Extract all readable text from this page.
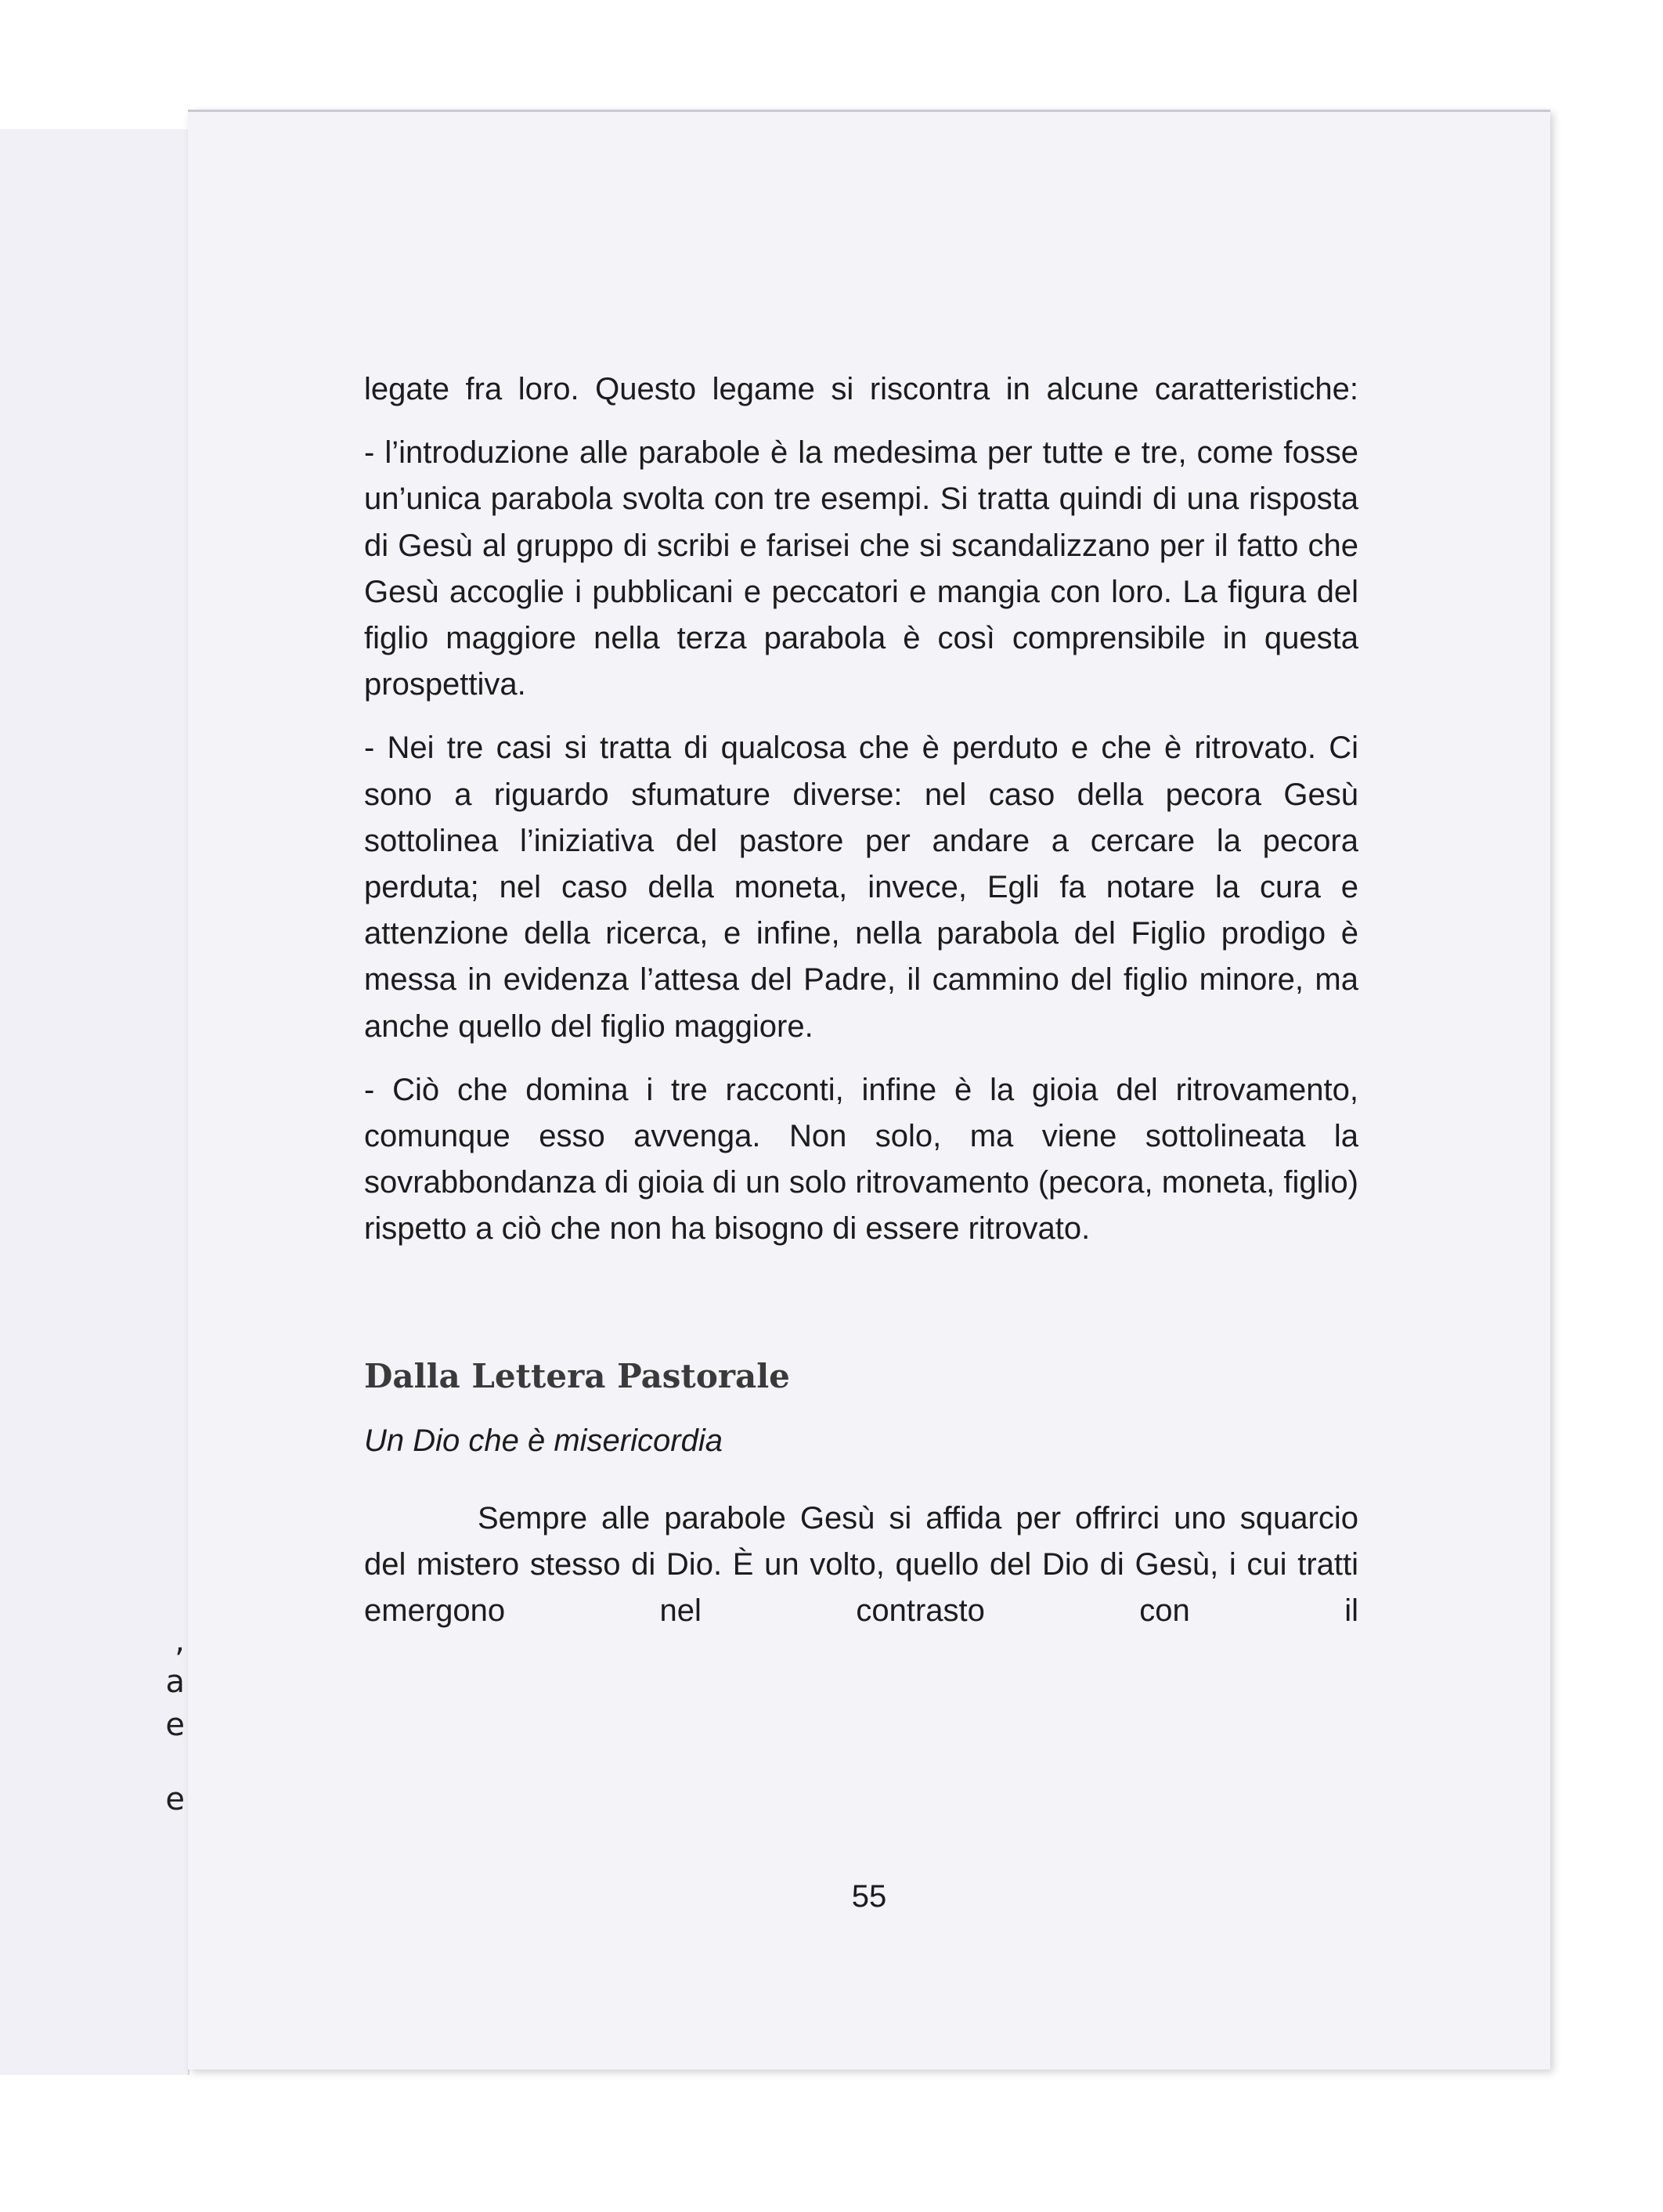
,
a
e
e

legate fra loro. Questo legame si riscontra in alcune caratteristiche:

- l’introduzione alle parabole è la medesima per tutte e tre, come fosse un’unica parabola svolta con tre esempi. Si tratta quindi di una risposta di Gesù al gruppo di scribi e farisei che si scandalizzano per il fatto che Gesù accoglie i pubblicani e peccatori e mangia con loro. La figura del figlio maggiore nella terza parabola è così comprensibile in questa prospettiva.

- Nei tre casi si tratta di qualcosa che è perduto e che è ritrovato. Ci sono a riguardo sfumature diverse: nel caso della pecora Gesù sottolinea l’iniziativa del pastore per andare a cercare la pecora perduta; nel caso della moneta, invece, Egli fa notare la cura e attenzione della ricerca, e infine, nella parabola del Figlio prodigo è messa in evidenza l’attesa del Padre, il cammino del figlio minore, ma anche quello del figlio maggiore.

- Ciò che domina i tre racconti, infine è la gioia del ritrovamento, comunque esso avvenga. Non solo, ma viene sottolineata la sovrabbondanza di gioia di un solo ritrovamento (pecora, moneta, figlio) rispetto a ciò che non ha bisogno di essere ritrovato.

Dalla Lettera Pastorale
Un Dio che è misericordia

Sempre alle parabole Gesù si affida per offrirci uno squarcio del mistero stesso di Dio. È un volto, quello del Dio di Gesù, i cui tratti emergono nel contrasto con il

55
